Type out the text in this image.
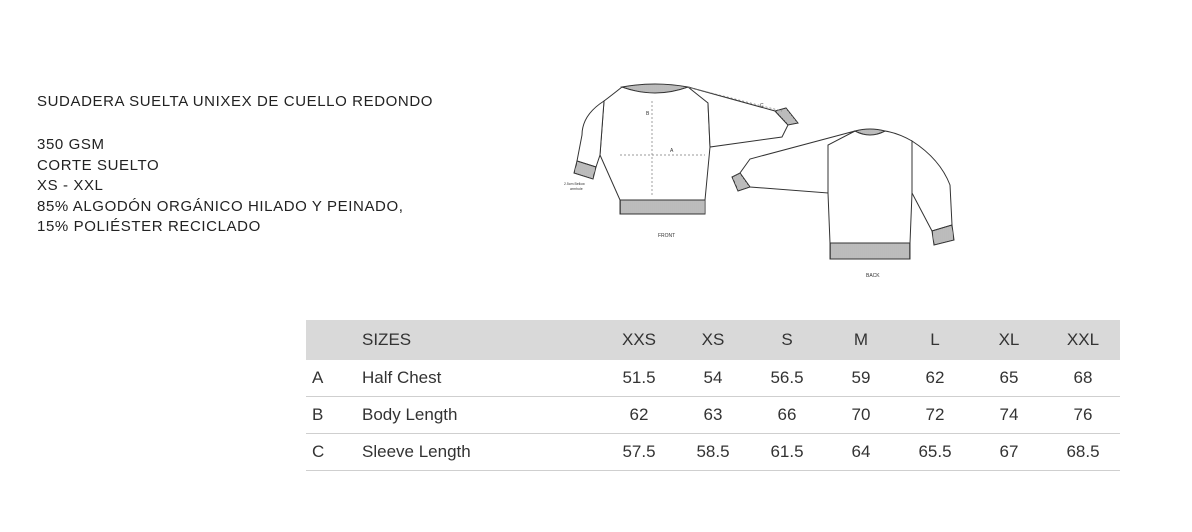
SUDADERA SUELTA UNIXEX DE CUELLO REDONDO
350 GSM
CORTE SUELTO
XS - XXL
85% ALGODÓN ORGÁNICO HILADO Y PEINADO,
15% POLIÉSTER RECICLADO
A
B
C
2.5cm Bellow
armhole
FRONT
BACK
	SIZES	XXS	XS	S	M	L	XL	XXL
A	Half Chest	51.5	54	56.5	59	62	65	68
B	Body Length	62	63	66	70	72	74	76
C	Sleeve Length	57.5	58.5	61.5	64	65.5	67	68.5
